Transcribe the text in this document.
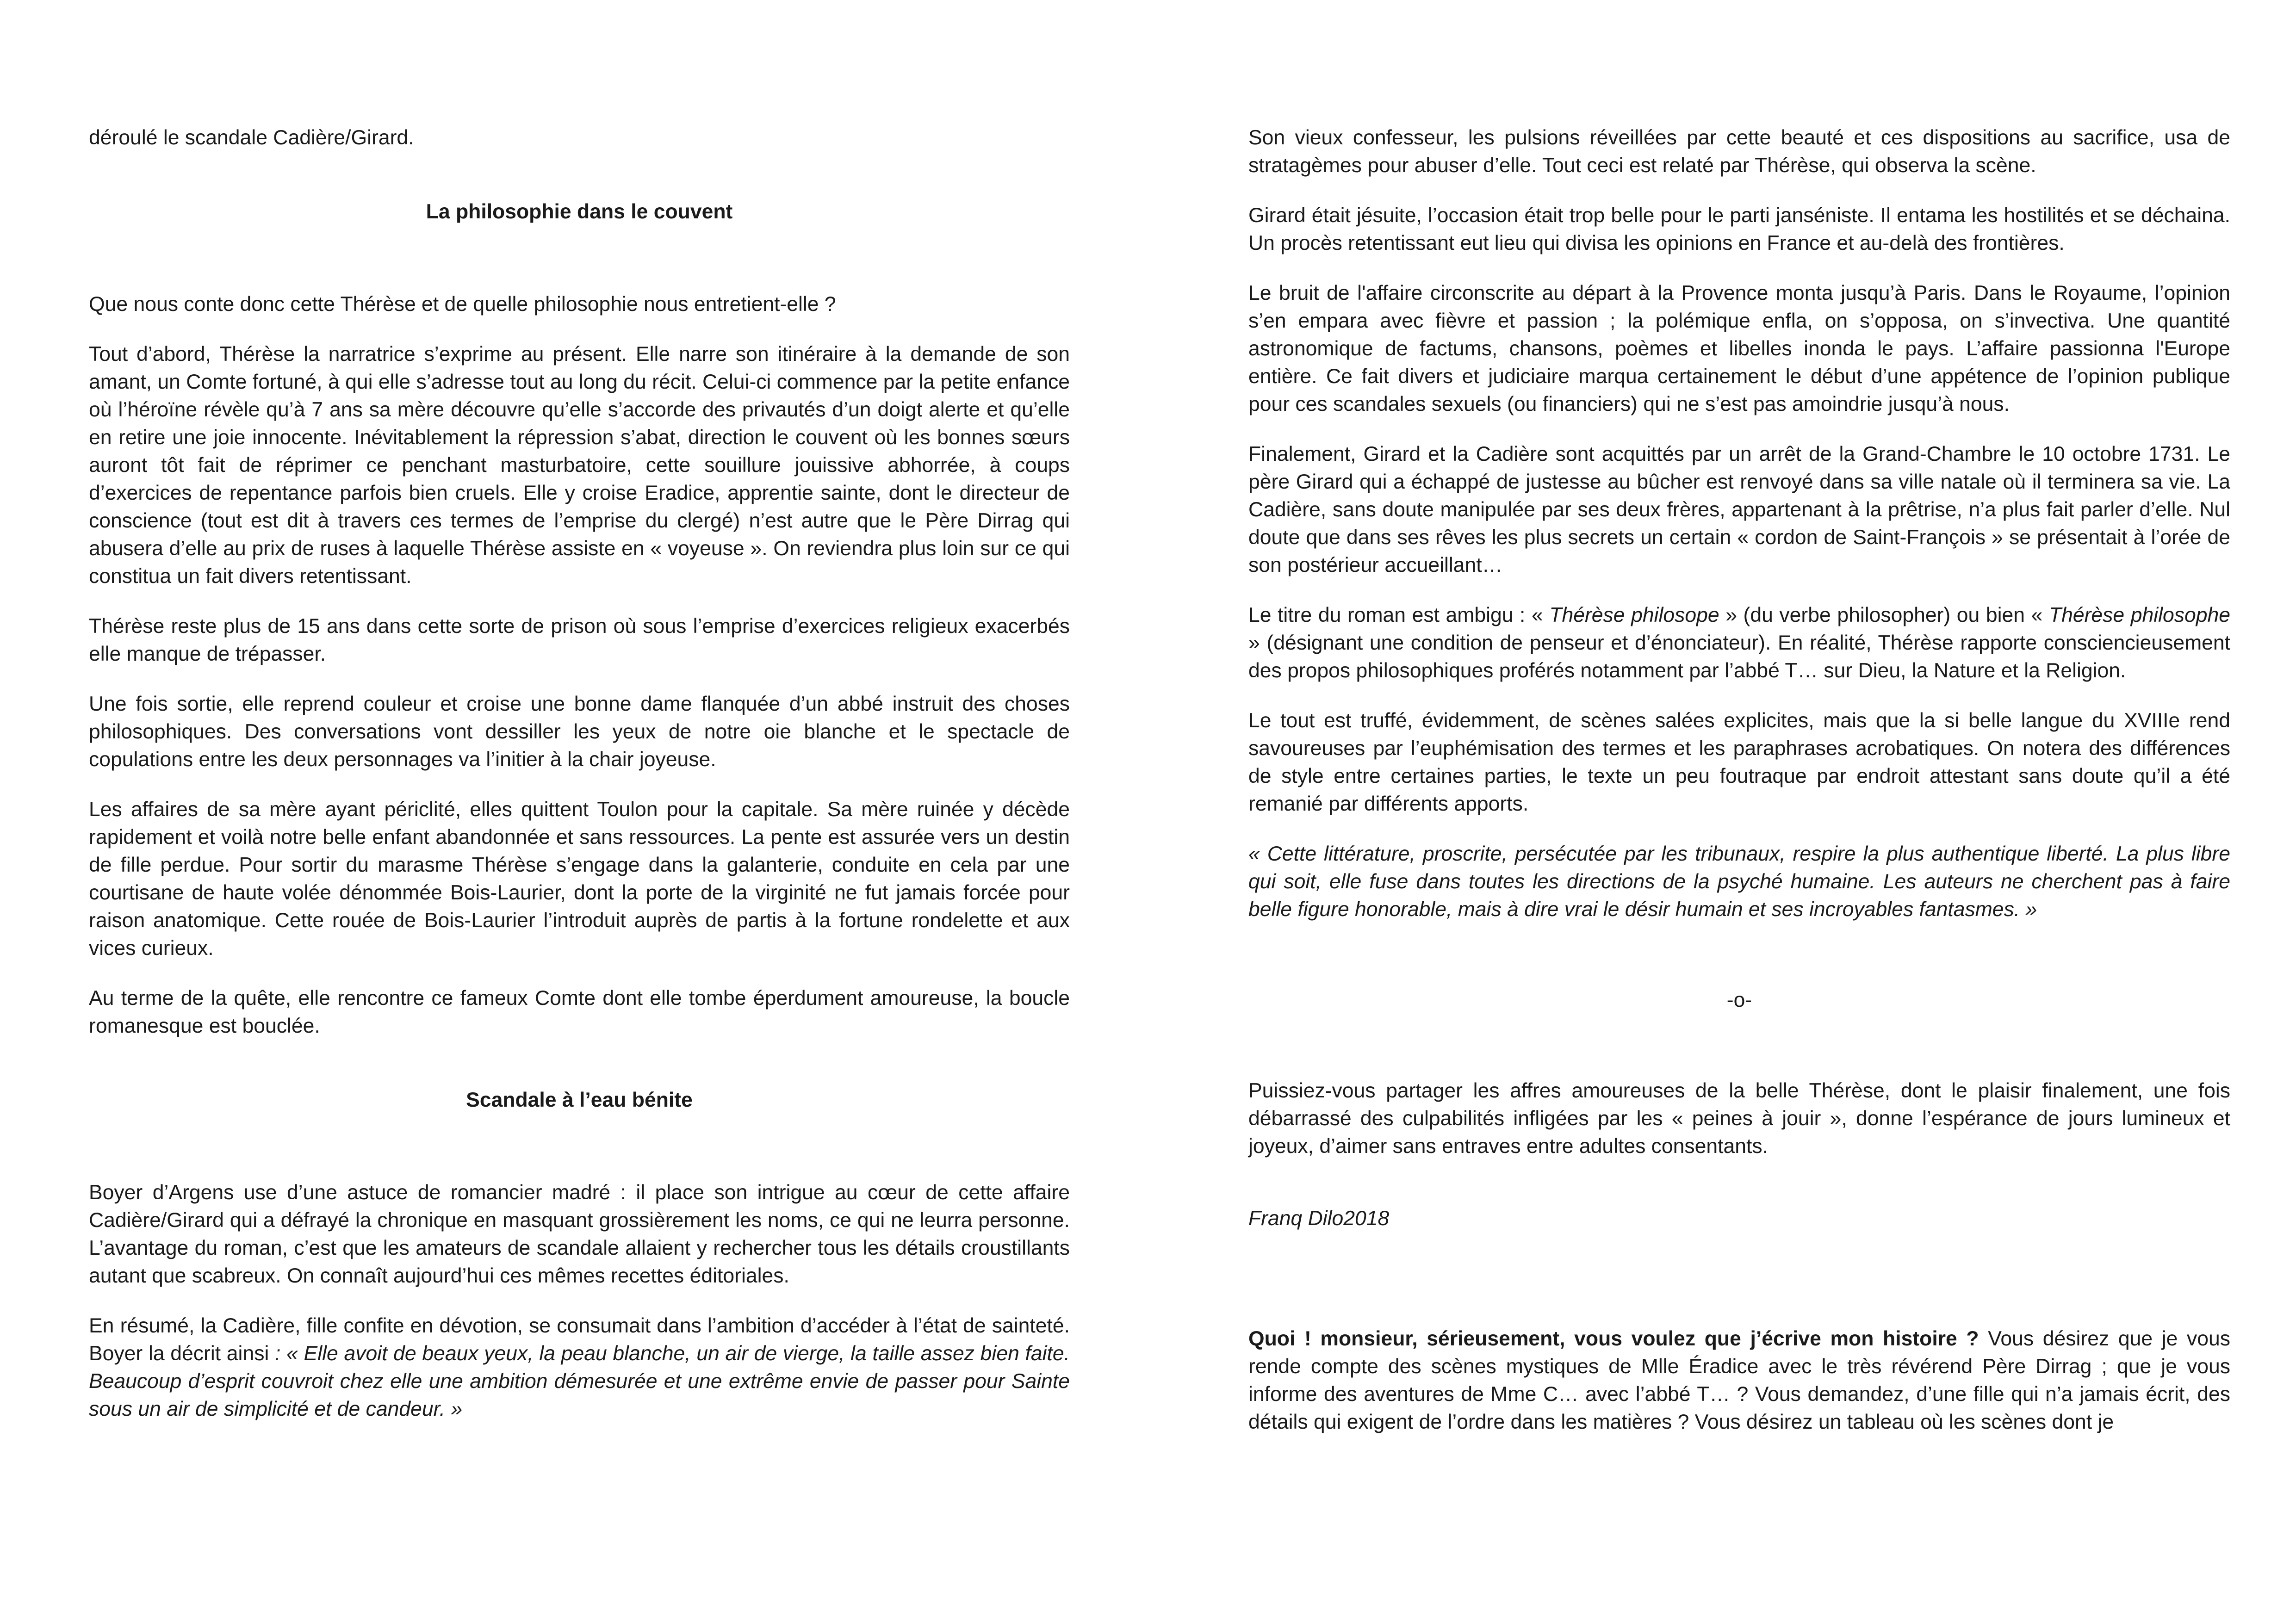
déroulé le scandale Cadière/Girard.

La philosophie dans le couvent

Que nous conte donc cette Thérèse et de quelle philosophie nous entretient-elle ?

Tout d’abord, Thérèse la narratrice s’exprime au présent. Elle narre son itinéraire à la demande de son amant, un Comte fortuné, à qui elle s’adresse tout au long du récit. Celui-ci commence par la petite enfance où l’héroïne révèle qu’à 7 ans sa mère découvre qu’elle s’accorde des privautés d’un doigt alerte et qu’elle en retire une joie innocente. Inévitablement la répression s’abat, direction le couvent où les bonnes sœurs auront tôt fait de réprimer ce penchant masturbatoire, cette souillure jouissive abhorrée, à coups d’exercices de repentance parfois bien cruels. Elle y croise Eradice, apprentie sainte, dont le directeur de conscience (tout est dit à travers ces termes de l’emprise du clergé) n’est autre que le Père Dirrag qui abusera d’elle au prix de ruses à laquelle Thérèse assiste en « voyeuse ». On reviendra plus loin sur ce qui constitua un fait divers retentissant.

Thérèse reste plus de 15 ans dans cette sorte de prison où sous l’emprise d’exercices religieux exacerbés elle manque de trépasser.

Une fois sortie, elle reprend couleur et croise une bonne dame flanquée d’un abbé instruit des choses philosophiques. Des conversations vont dessiller les yeux de notre oie blanche et le spectacle de copulations entre les deux personnages va l’initier à la chair joyeuse.

Les affaires de sa mère ayant périclité, elles quittent Toulon pour la capitale. Sa mère ruinée y décède rapidement et voilà notre belle enfant abandonnée et sans ressources. La pente est assurée vers un destin de fille perdue. Pour sortir du marasme Thérèse s’engage dans la galanterie, conduite en cela par une courtisane de haute volée dénommée Bois-Laurier, dont la porte de la virginité ne fut jamais forcée pour raison anatomique. Cette rouée de Bois-Laurier l’introduit auprès de partis à la fortune rondelette et aux vices curieux.

Au terme de la quête, elle rencontre ce fameux Comte dont elle tombe éperdument amoureuse, la boucle romanesque est bouclée.

Scandale à l’eau bénite

Boyer d’Argens use d’une astuce de romancier madré : il place son intrigue au cœur de cette affaire Cadière/Girard qui a défrayé la chronique en masquant grossièrement les noms, ce qui ne leurra personne. L’avantage du roman, c’est que les amateurs de scandale allaient y rechercher tous les détails croustillants autant que scabreux. On connaît aujourd’hui ces mêmes recettes éditoriales.

En résumé, la Cadière, fille confite en dévotion, se consumait dans l’ambition d’accéder à l’état de sainteté. Boyer la décrit ainsi : « Elle avoit de beaux yeux, la peau blanche, un air de vierge, la taille assez bien faite. Beaucoup d’esprit couvroit chez elle une ambition démesurée et une extrême envie de passer pour Sainte sous un air de simplicité et de candeur. »

Son vieux confesseur, les pulsions réveillées par cette beauté et ces dispositions au sacrifice, usa de stratagèmes pour abuser d’elle. Tout ceci est relaté par Thérèse, qui observa la scène.

Girard était jésuite, l’occasion était trop belle pour le parti janséniste. Il entama les hostilités et se déchaina. Un procès retentissant eut lieu qui divisa les opinions en France et au-delà des frontières.

Le bruit de l'affaire circonscrite au départ à la Provence monta jusqu’à Paris. Dans le Royaume, l’opinion s’en empara avec fièvre et passion ; la polémique enfla, on s’opposa, on s’invectiva. Une quantité astronomique de factums, chansons, poèmes et libelles inonda le pays. L’affaire passionna l'Europe entière. Ce fait divers et judiciaire marqua certainement le début d’une appétence de l’opinion publique pour ces scandales sexuels (ou financiers) qui ne s’est pas amoindrie jusqu’à nous.

Finalement, Girard et la Cadière sont acquittés par un arrêt de la Grand-Chambre le 10 octobre 1731. Le père Girard qui a échappé de justesse au bûcher est renvoyé dans sa ville natale où il terminera sa vie. La Cadière, sans doute manipulée par ses deux frères, appartenant à la prêtrise, n’a plus fait parler d’elle. Nul doute que dans ses rêves les plus secrets un certain « cordon de Saint-François » se présentait à l’orée de son postérieur accueillant…

Le titre du roman est ambigu : « Thérèse philosope » (du verbe philosopher) ou bien « Thérèse philosophe » (désignant une condition de penseur et d’énonciateur). En réalité, Thérèse rapporte consciencieusement des propos philosophiques proférés notamment par l’abbé T… sur Dieu, la Nature et la Religion.

Le tout est truffé, évidemment, de scènes salées explicites, mais que la si belle langue du XVIIIe rend savoureuses par l’euphémisation des termes et les paraphrases acrobatiques. On notera des différences de style entre certaines parties, le texte un peu foutraque par endroit attestant sans doute qu’il a été remanié par différents apports.

« Cette littérature, proscrite, persécutée par les tribunaux, respire la plus authentique liberté. La plus libre qui soit, elle fuse dans toutes les directions de la psyché humaine. Les auteurs ne cherchent pas à faire belle figure honorable, mais à dire vrai le désir humain et ses incroyables fantasmes. »

-o-

Puissiez-vous partager les affres amoureuses de la belle Thérèse, dont le plaisir finalement, une fois débarrassé des culpabilités infligées par les « peines à jouir », donne l’espérance de jours lumineux et joyeux, d’aimer sans entraves entre adultes consentants.

Franq Dilo2018

Quoi ! monsieur, sérieusement, vous voulez que j’écrive mon histoire ? Vous désirez que je vous rende compte des scènes mystiques de Mlle Éradice avec le très révérend Père Dirrag ; que je vous informe des aventures de Mme C… avec l’abbé T… ? Vous demandez, d’une fille qui n’a jamais écrit, des détails qui exigent de l’ordre dans les matières ? Vous désirez un tableau où les scènes dont je
